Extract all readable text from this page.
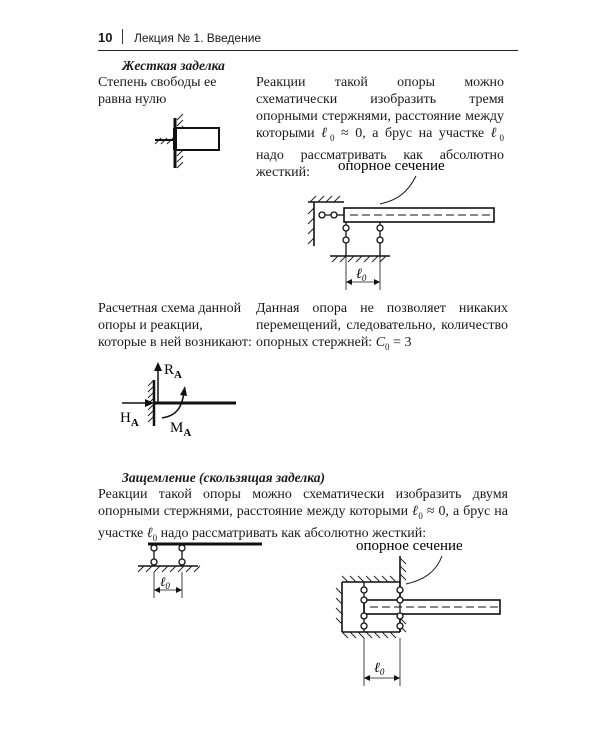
10 Лекция № 1. Введение
Жесткая заделка

Степень свободы ее равна нулю

Реакции такой опоры можно схематически изобразить тремя опорными стержнями, расстояние между которыми ℓ$_0$ ≈ 0, а брус на участке ℓ$_0$ надо рассматривать как абсолютно жесткий:	опорное сечение
ℓ$_0$

Расчетная схема данной опоры и реакции, которые в ней возникают:

Данная опора не позволяет никаких перемещений, следовательно, количество опорных стержней: $C_0 = 3$

$R_A$
$H_A$ $M_A$
Защемление (скользящая заделка)

Реакции такой опоры можно схематически изобразить двумя опорными стержнями, расстояние между которыми ℓ$_0$ ≈ 0, а брус на участке ℓ$_0$ надо рассматривать как абсолютно жесткий:

ℓ$_0$
опорное сечение
ℓ$_0$
